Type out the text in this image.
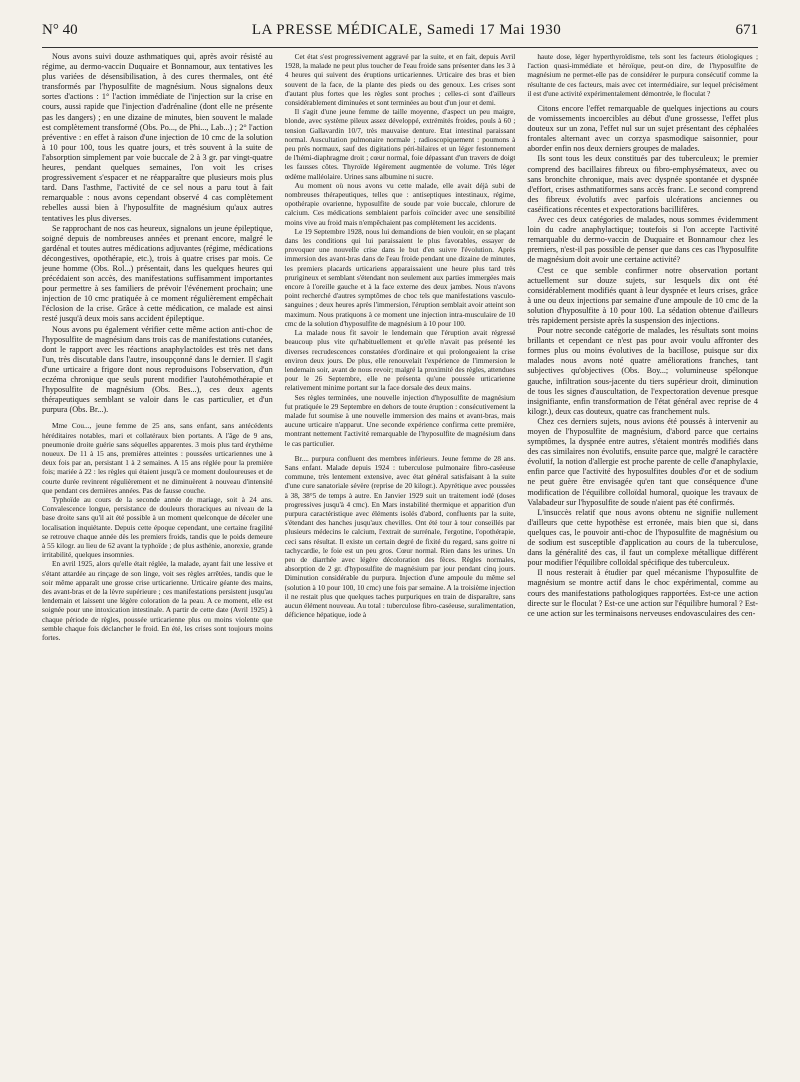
N° 40	LA PRESSE MÉDICALE, Samedi 17 Mai 1930	671

Nous avons suivi douze asthmatiques qui, après avoir résisté au régime, au dermo-vaccin Duquaire et Bonnamour, aux tentatives les plus variées de désensibilisation, à des cures thermales, ont été transformés par l'hyposulfite de magnésium. Nous signalons deux sortes d'actions : 1° l'action immédiate de l'injection sur la crise en cours, aussi rapide que l'injection d'adrénaline (dont elle ne présente pas les dangers) ; en une dizaine de minutes, bien souvent le malade est complètement transformé (Obs. Po..., de Phi..., Lab...) ; 2° l'action préventive : en effet à raison d'une injection de 10 cmc de la solution à 10 pour 100, tous les quatre jours, et très souvent à la suite de l'absorption simplement par voie buccale de 2 à 3 gr. par vingt-quatre heures, pendant quelques semaines, l'on voit les crises progressivement s'espacer et ne réapparaître que plusieurs mois plus tard. Dans l'asthme, l'activité de ce sel nous a paru tout à fait remarquable : nous avons cependant observé 4 cas complètement rebelles aussi bien à l'hyposulfite de magnésium qu'aux autres tentatives les plus diverses.

Se rapprochant de nos cas heureux, signalons un jeune épileptique, soigné depuis de nombreuses années et prenant encore, malgré le gardénal et toutes autres médications adjuvantes (régime, médications décongestives, opothérapie, etc.), trois à quatre crises par mois. Ce jeune homme (Obs. Rol...) présentait, dans les quelques heures qui précédaient son accès, des manifestations suffisamment importantes pour permettre à ses familiers de prévoir l'événement prochain; une injection de 10 cmc pratiquée à ce moment régulièrement empêchait l'éclosion de la crise. Grâce à cette médication, ce malade est ainsi resté jusqu'à deux mois sans accident épileptique.

Nous avons pu également vérifier cette même action anti-choc de l'hyposulfite de magnésium dans trois cas de manifestations cutanées, dont le rapport avec les réactions anaphylactoïdes est très net dans l'un, très discutable dans l'autre, insoupçonné dans le dernier. Il s'agit d'une urticaire a frigore dont nous reproduisons l'observation, d'un eczéma chronique que seuls purent modifier l'autohémothérapie et l'hyposulfite de magnésium (Obs. Bes...), ces deux agents thérapeutiques semblant se valoir dans le cas particulier, et d'un purpura (Obs. Br...).

Mme Cou..., jeune femme de 25 ans, sans enfant, sans antécédents héréditaires notables, mari et collatéraux bien portants. A l'âge de 9 ans, pneumonie droite guérie sans séquelles apparentes. 3 mois plus tard érythème noueux. De 11 à 15 ans, premières atteintes : poussées urticariennes une à deux fois par an, persistant 1 à 2 semaines. A 15 ans réglée pour la première fois; mariée à 22 : les règles qui étaient jusqu'à ce moment douloureuses et de courte durée revinrent régulièrement et ne diminuèrent à nouveau d'intensité que pendant ces dernières années. Pas de fausse couche.

Typhoïde au cours de la seconde année de mariage, soit à 24 ans. Convalescence longue, persistance de douleurs thoraciques au niveau de la base droite sans qu'il ait été possible à un moment quelconque de déceler une localisation inquiétante. Depuis cette époque cependant, une certaine fragilité se retrouve chaque année dès les premiers froids, tandis que le poids demeure à 55 kilogr. au lieu de 62 avant la typhoïde ; de plus asthénie, anorexie, grande irritabilité, quelques insomnies.

En avril 1925, alors qu'elle était réglée, la malade, ayant fait une lessive et s'étant attardée au rinçage de son linge, voit ses règles arrêtées, tandis que le soir même apparaît une grosse crise urticarienne. Urticaire géante des mains, des avant-bras et de la lèvre supérieure ; ces manifestations persistent jusqu'au lendemain et laissent une légère coloration de la peau. A ce moment, elle est soignée pour une intoxication intestinale. A partir de cette date (Avril 1925) à chaque période de règles, poussée urticarienne plus ou moins violente que semble chaque fois déclancher le froid. En été, les crises sont toujours moins fortes.

Cet état s'est progressivement aggravé par la suite, et en fait, depuis Avril 1928, la malade ne peut plus toucher de l'eau froide sans présenter dans les 3 à 4 heures qui suivent des éruptions urticariennes. Urticaire des bras et bien souvent de la face, de la plante des pieds ou des genoux. Les crises sont d'autant plus fortes que les règles sont proches ; celles-ci sont d'ailleurs considérablement diminuées et sont terminées au bout d'un jour et demi.

Il s'agit d'une jeune femme de taille moyenne, d'aspect un peu maigre, blonde, avec système pileux assez développé, extrémités froides, pouls à 60 ; tension Gallavardin 10/7, très mauvaise denture. Etat intestinal paraissant normal. Auscultation pulmonaire normale ; radioscopiquement : poumons à peu près normaux, sauf des digitations péri-hilaires et un léger festonnement de l'hémi-diaphragme droit ; cœur normal, foie dépassant d'un travers de doigt les fausses côtes. Thyroïde légèrement augmentée de volume. Très léger œdème malléolaire. Urines sans albumine ni sucre.

Au moment où nous avons vu cette malade, elle avait déjà subi de nombreuses thérapeutiques, telles que : antiseptiques intestinaux, régime, opothérapie ovarienne, hyposulfite de soude par voie buccale, chlorure de calcium. Ces médications semblaient parfois coïncider avec une sensibilité moins vive au froid mais n'empêchaient pas complètement les accidents.

Le 19 Septembre 1928, nous lui demandions de bien vouloir, en se plaçant dans les conditions qui lui paraissaient le plus favorables, essayer de provoquer une nouvelle crise dans le but d'en suivre l'évolution. Après immersion des avant-bras dans de l'eau froide pendant une dizaine de minutes, les premiers placards urticariens apparaissaient une heure plus tard très prurigineux et semblant s'étendant non seulement aux parties immergées mais encore à l'oreille gauche et à la face externe des deux jambes. Nous n'avons point recherché d'autres symptômes de choc tels que manifestations vasculo-sanguines ; deux heures après l'immersion, l'éruption semblait avoir atteint son maximum. Nous pratiquons à ce moment une injection intra-musculaire de 10 cmc de la solution d'hyposulfite de magnésium à 10 pour 100.

La malade nous fit savoir le lendemain que l'éruption avait régressé beaucoup plus vite qu'habituellement et qu'elle n'avait pas présenté les diverses recrudescences constatées d'ordinaire et qui prolongeaient la crise environ deux jours. De plus, elle renouvelait l'expérience de l'immersion le lendemain soir, avant de nous revoir; malgré la proximité des règles, attendues pour le 26 Septembre, elle ne présenta qu'une poussée urticarienne relativement minime portant sur la face dorsale des deux mains.

Ses règles terminées, une nouvelle injection d'hyposulfite de magnésium fut pratiquée le 29 Septembre en dehors de toute éruption : consécutivement la malade fut soumise à une nouvelle immersion des mains et avant-bras, mais aucune urticaire n'apparut. Une seconde expérience confirma cette première, montrant nettement l'activité remarquable de l'hyposulfite de magnésium dans le cas particulier.

Br.... purpura confluent des membres inférieurs. Jeune femme de 28 ans. Sans enfant. Malade depuis 1924 : tuberculose pulmonaire fibro-caséeuse commune, très lentement extensive, avec état général satisfaisant à la suite d'une cure sanatoriale sévère (reprise de 20 kilogr.). Apyrétique avec poussées à 38, 38°5 de temps à autre. En Janvier 1929 suit un traitement iodé (doses progressives jusqu'à 4 cmc). En Mars instabilité thermique et apparition d'un purpura caractéristique avec éléments isolés d'abord, confluents par la suite, s'étendant des hanches jusqu'aux chevilles. Ont été tour à tour conseillés par plusieurs médecins le calcium, l'extrait de surrénale, l'ergotine, l'opothérapie, ceci sans résultat. Il existe un certain degré de fixité du regard, sans goitre ni tachycardie, le foie est un peu gros. Cœur normal. Rien dans les urines. Un peu de diarrhée avec légère décoloration des fèces. Règles normales, absorption de 2 gr. d'hyposulfite de magnésium par jour pendant cinq jours. Diminution considérable du purpura. Injection d'une ampoule du même sel (solution à 10 pour 100, 10 cmc) une fois par semaine. A la troisième injection il ne restait plus que quelques taches purpuriques en train de disparaître, sans aucun élément nouveau. Au total : tuberculose fibro-caséeuse, suralimentation, déficience hépatique, iode à

haute dose, léger hyperthyroïdisme, tels sont les facteurs étiologiques ; l'action quasi-immédiate et héroïque, peut-on dire, de l'hyposulfite de magnésium ne permet-elle pas de considérer le purpura consécutif comme la résultante de ces facteurs, mais avec cet intermédiaire, sur lequel précisément il est d'une activité expérimentalement démontrée, le floculat ?

Citons encore l'effet remarquable de quelques injections au cours de vomissements incoercibles au début d'une grossesse, l'effet plus douteux sur un zona, l'effet nul sur un sujet présentant des céphalées frontales alternant avec un corzya spasmodique saisonnier, pour aborder enfin nos deux derniers groupes de malades.

Ils sont tous les deux constitués par des tuberculeux; le premier comprend des bacillaires fibreux ou fibro-emphysémateux, avec ou sans bronchite chronique, mais avec dyspnée spontanée et dyspnée d'effort, crises asthmatiformes sans accès franc. Le second comprend des fibreux évolutifs avec parfois ulcérations anciennes ou caséifications récentes et expectorations bacillifères.

Avec ces deux catégories de malades, nous sommes évidemment loin du cadre anaphylactique; toutefois si l'on accepte l'activité remarquable du dermo-vaccin de Duquaire et Bonnamour chez les premiers, n'est-il pas possible de penser que dans ces cas l'hyposulfite de magnésium doit avoir une certaine activité?

C'est ce que semble confirmer notre observation portant actuellement sur douze sujets, sur lesquels dix ont été considérablement modifiés quant à leur dyspnée et leurs crises, grâce à une ou deux injections par semaine d'une ampoule de 10 cmc de la solution d'hyposulfite à 10 pour 100. La sédation obtenue d'ailleurs très rapidement persiste après la suspension des injections.

Pour notre seconde catégorie de malades, les résultats sont moins brillants et cependant ce n'est pas pour avoir voulu affronter des formes plus ou moins évolutives de la bacillose, puisque sur dix malades nous avons noté quatre améliorations franches, tant subjectives qu'objectives (Obs. Boy...; volumineuse spélonque gauche, infiltration sous-jacente du tiers supérieur droit, diminution de tous les signes d'auscultation, de l'expectoration devenue presque insignifiante, enfin transformation de l'état général avec reprise de 4 kilogr.), deux cas douteux, quatre cas franchement nuls.

Chez ces derniers sujets, nous avions été poussés à intervenir au moyen de l'hyposulfite de magnésium, d'abord parce que certains symptômes, la dyspnée entre autres, s'étaient montrés modifiés dans des cas similaires non évolutifs, ensuite parce que, malgré le caractère évolutif, la notion d'allergie est proche parente de celle d'anaphylaxie, enfin parce que l'activité des hyposulfites doubles d'or et de sodium ne peut guère être envisagée qu'en tant que conséquence d'une modification de l'équilibre colloïdal humoral, quoique les travaux de Valabadeur sur l'hyposulfite de soude n'aient pas été confirmés.

L'insuccès relatif que nous avons obtenu ne signifie nullement d'ailleurs que cette hypothèse est erronée, mais bien que si, dans quelques cas, le pouvoir anti-choc de l'hyposulfite de magnésium ou de sodium est susceptible d'application au cours de la tuberculose, dans la généralité des cas, il faut un complexe métallique différent pour modifier l'équilibre colloïdal spécifique des tuberculeux.

Il nous resterait à étudier par quel mécanisme l'hyposulfite de magnésium se montre actif dans le choc expérimental, comme au cours des manifestations pathologiques rapportées. Est-ce une action directe sur le floculat ? Est-ce une action sur l'équilibre humoral ? Est-ce une action sur les terminaisons nerveuses endovasculaires des cen-
